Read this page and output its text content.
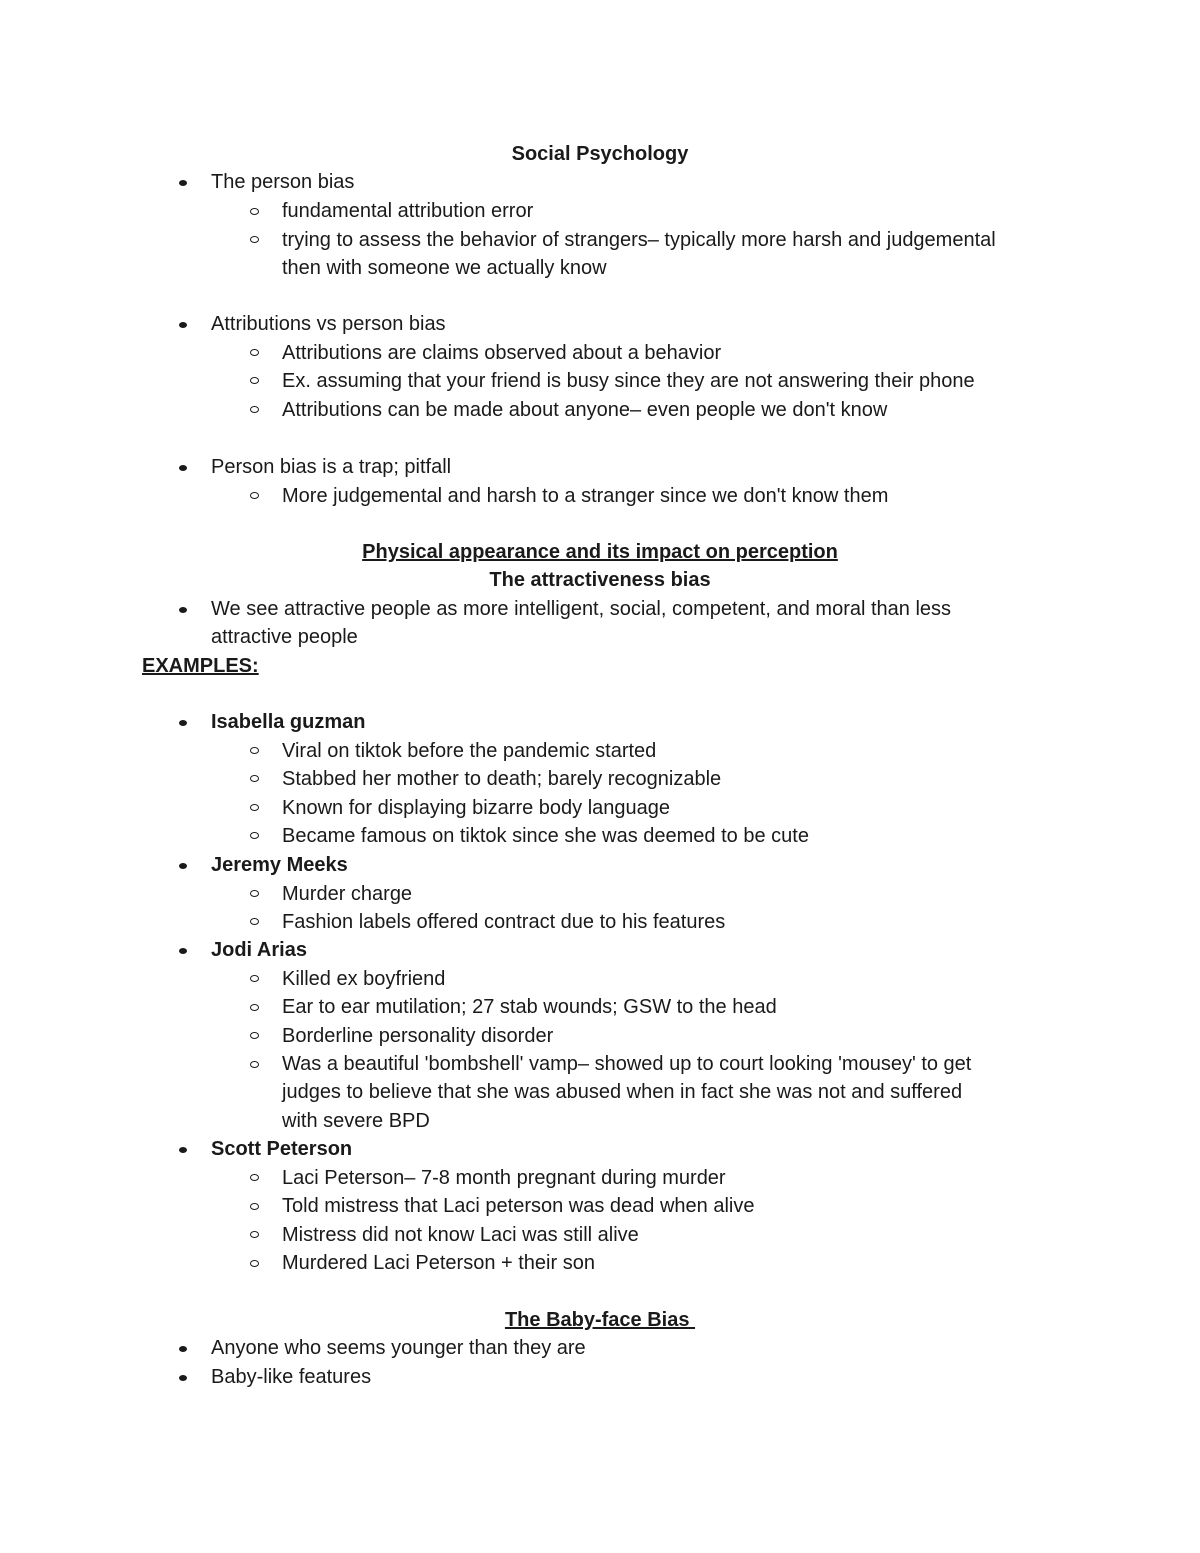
Social Psychology
The person bias
fundamental attribution error
trying to assess the behavior of strangers– typically more harsh and judgemental
then with someone we actually know
Attributions vs person bias
Attributions are claims observed about a behavior
Ex. assuming that your friend is busy since they are not answering their phone
Attributions can be made about anyone– even people we don't know
Person bias is a trap; pitfall
More judgemental and harsh to a stranger since we don't know them
Physical appearance and its impact on perception
The attractiveness bias
We see attractive people as more intelligent, social, competent, and moral than less
attractive people
EXAMPLES:
Isabella guzman
Viral on tiktok before the pandemic started
Stabbed her mother to death; barely recognizable
Known for displaying bizarre body language
Became famous on tiktok since she was deemed to be cute
Jeremy Meeks
Murder charge
Fashion labels offered contract due to his features
Jodi Arias
Killed ex boyfriend
Ear to ear mutilation; 27 stab wounds; GSW to the head
Borderline personality disorder
Was a beautiful 'bombshell' vamp– showed up to court looking 'mousey' to get
judges to believe that she was abused when in fact she was not and suffered
with severe BPD
Scott Peterson
Laci Peterson– 7-8 month pregnant during murder
Told mistress that Laci peterson was dead when alive
Mistress did not know Laci was still alive
Murdered Laci Peterson + their son
The Baby-face Bias
Anyone who seems younger than they are
Baby-like features
